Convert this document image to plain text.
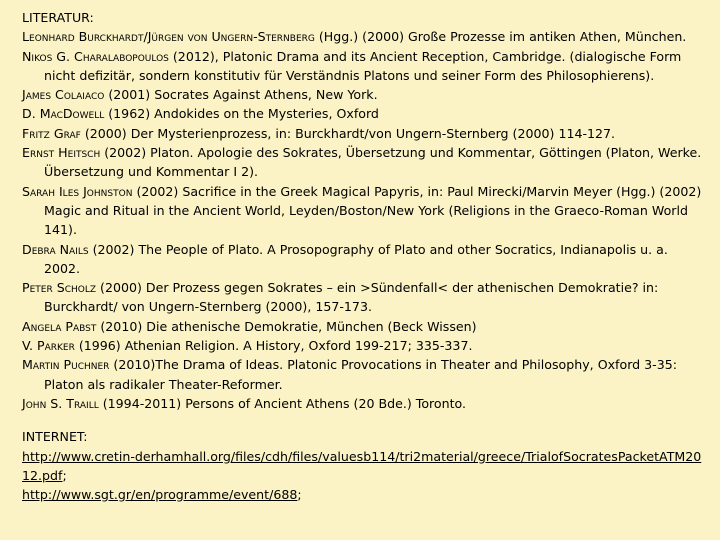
LITERATUR:
Leonhard Burckhardt/Jürgen von Ungern-Sternberg (Hgg.) (2000) Große Prozesse im antiken Athen, München.
Nikos G. Charalabopoulos (2012), Platonic Drama and its Ancient Reception, Cambridge. (dialogische Form nicht defizitär, sondern konstitutiv für Verständnis Platons und seiner Form des Philosophierens).
James Colaiaco (2001) Socrates Against Athens, New York.
D. MacDowell (1962) Andokides on the Mysteries, Oxford
Fritz Graf (2000) Der Mysterienprozess, in: Burckhardt/von Ungern-Sternberg (2000) 114-127.
Ernst Heitsch (2002) Platon. Apologie des Sokrates, Übersetzung und Kommentar, Göttingen (Platon, Werke. Übersetzung und Kommentar I 2).
Sarah Iles Johnston (2002) Sacrifice in the Greek Magical Papyris, in: Paul Mirecki/Marvin Meyer (Hgg.) (2002) Magic and Ritual in the Ancient World, Leyden/Boston/New York (Religions in the Graeco-Roman World 141).
Debra Nails (2002) The People of Plato. A Prosopography of Plato and other Socratics, Indianapolis u. a. 2002.
Peter Scholz (2000) Der Prozess gegen Sokrates – ein >Sündenfall< der athenischen Demokratie? in: Burckhardt/ von Ungern-Sternberg (2000), 157-173.
Angela Pabst (2010) Die athenische Demokratie, München (Beck Wissen)
V. Parker (1996) Athenian Religion. A History, Oxford 199-217; 335-337.
Martin Puchner (2010)The Drama of Ideas. Platonic Provocations in Theater and Philosophy, Oxford 3-35: Platon als radikaler Theater-Reformer.
John S. Traill (1994-2011) Persons of Ancient Athens (20 Bde.) Toronto.
INTERNET:
http://www.cretin-derhamhall.org/files/cdh/files/valuesb114/tri2material/greece/TrialofSocratesPacketATM2012.pdf;
http://www.sgt.gr/en/programme/event/688;
